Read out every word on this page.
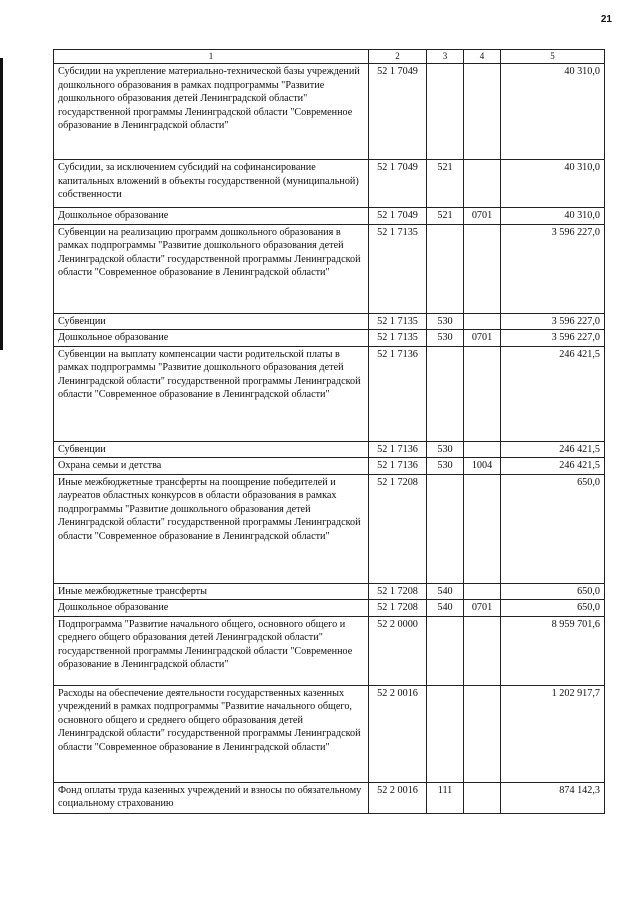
21
1	2	3	4	5
Субсидии на укрепление материально-технической базы учреждений дошкольного образования в рамках подпрограммы "Развитие дошкольного образования детей Ленинградской области" государственной программы Ленинградской области "Современное образование в Ленинградской области"	52 1 7049			40 310,0
Субсидии, за исключением субсидий на софинансирование капитальных вложений в объекты государственной (муниципальной) собственности	52 1 7049	521		40 310,0
Дошкольное образование	52 1 7049	521	0701	40 310,0
Субвенции на реализацию программ дошкольного образования в рамках подпрограммы "Развитие дошкольного образования детей Ленинградской области" государственной программы Ленинградской области "Современное образование в Ленинградской области"	52 1 7135			3 596 227,0
Субвенции	52 1 7135	530		3 596 227,0
Дошкольное образование	52 1 7135	530	0701	3 596 227,0
Субвенции на выплату компенсации части родительской платы в рамках подпрограммы "Развитие дошкольного образования детей Ленинградской области" государственной программы Ленинградской области "Современное образование в Ленинградской области"	52 1 7136			246 421,5
Субвенции	52 1 7136	530		246 421,5
Охрана семьи и детства	52 1 7136	530	1004	246 421,5
Иные межбюджетные трансферты на поощрение победителей и лауреатов областных конкурсов в области образования в рамках подпрограммы "Развитие дошкольного образования детей Ленинградской области" государственной программы Ленинградской области "Современное образование в Ленинградской области"	52 1 7208			650,0
Иные межбюджетные трансферты	52 1 7208	540		650,0
Дошкольное образование	52 1 7208	540	0701	650,0
Подпрограмма "Развитие начального общего, основного общего и среднего общего образования детей Ленинградской области" государственной программы Ленинградской области "Современное образование в Ленинградской области"	52 2 0000			8 959 701,6
Расходы на обеспечение деятельности государственных казенных учреждений в рамках подпрограммы "Развитие начального общего, основного общего и среднего общего образования детей Ленинградской области" государственной программы Ленинградской области "Современное образование в Ленинградской области"	52 2 0016			1 202 917,7
Фонд оплаты труда казенных учреждений и взносы по обязательному социальному страхованию	52 2 0016	111		874 142,3
